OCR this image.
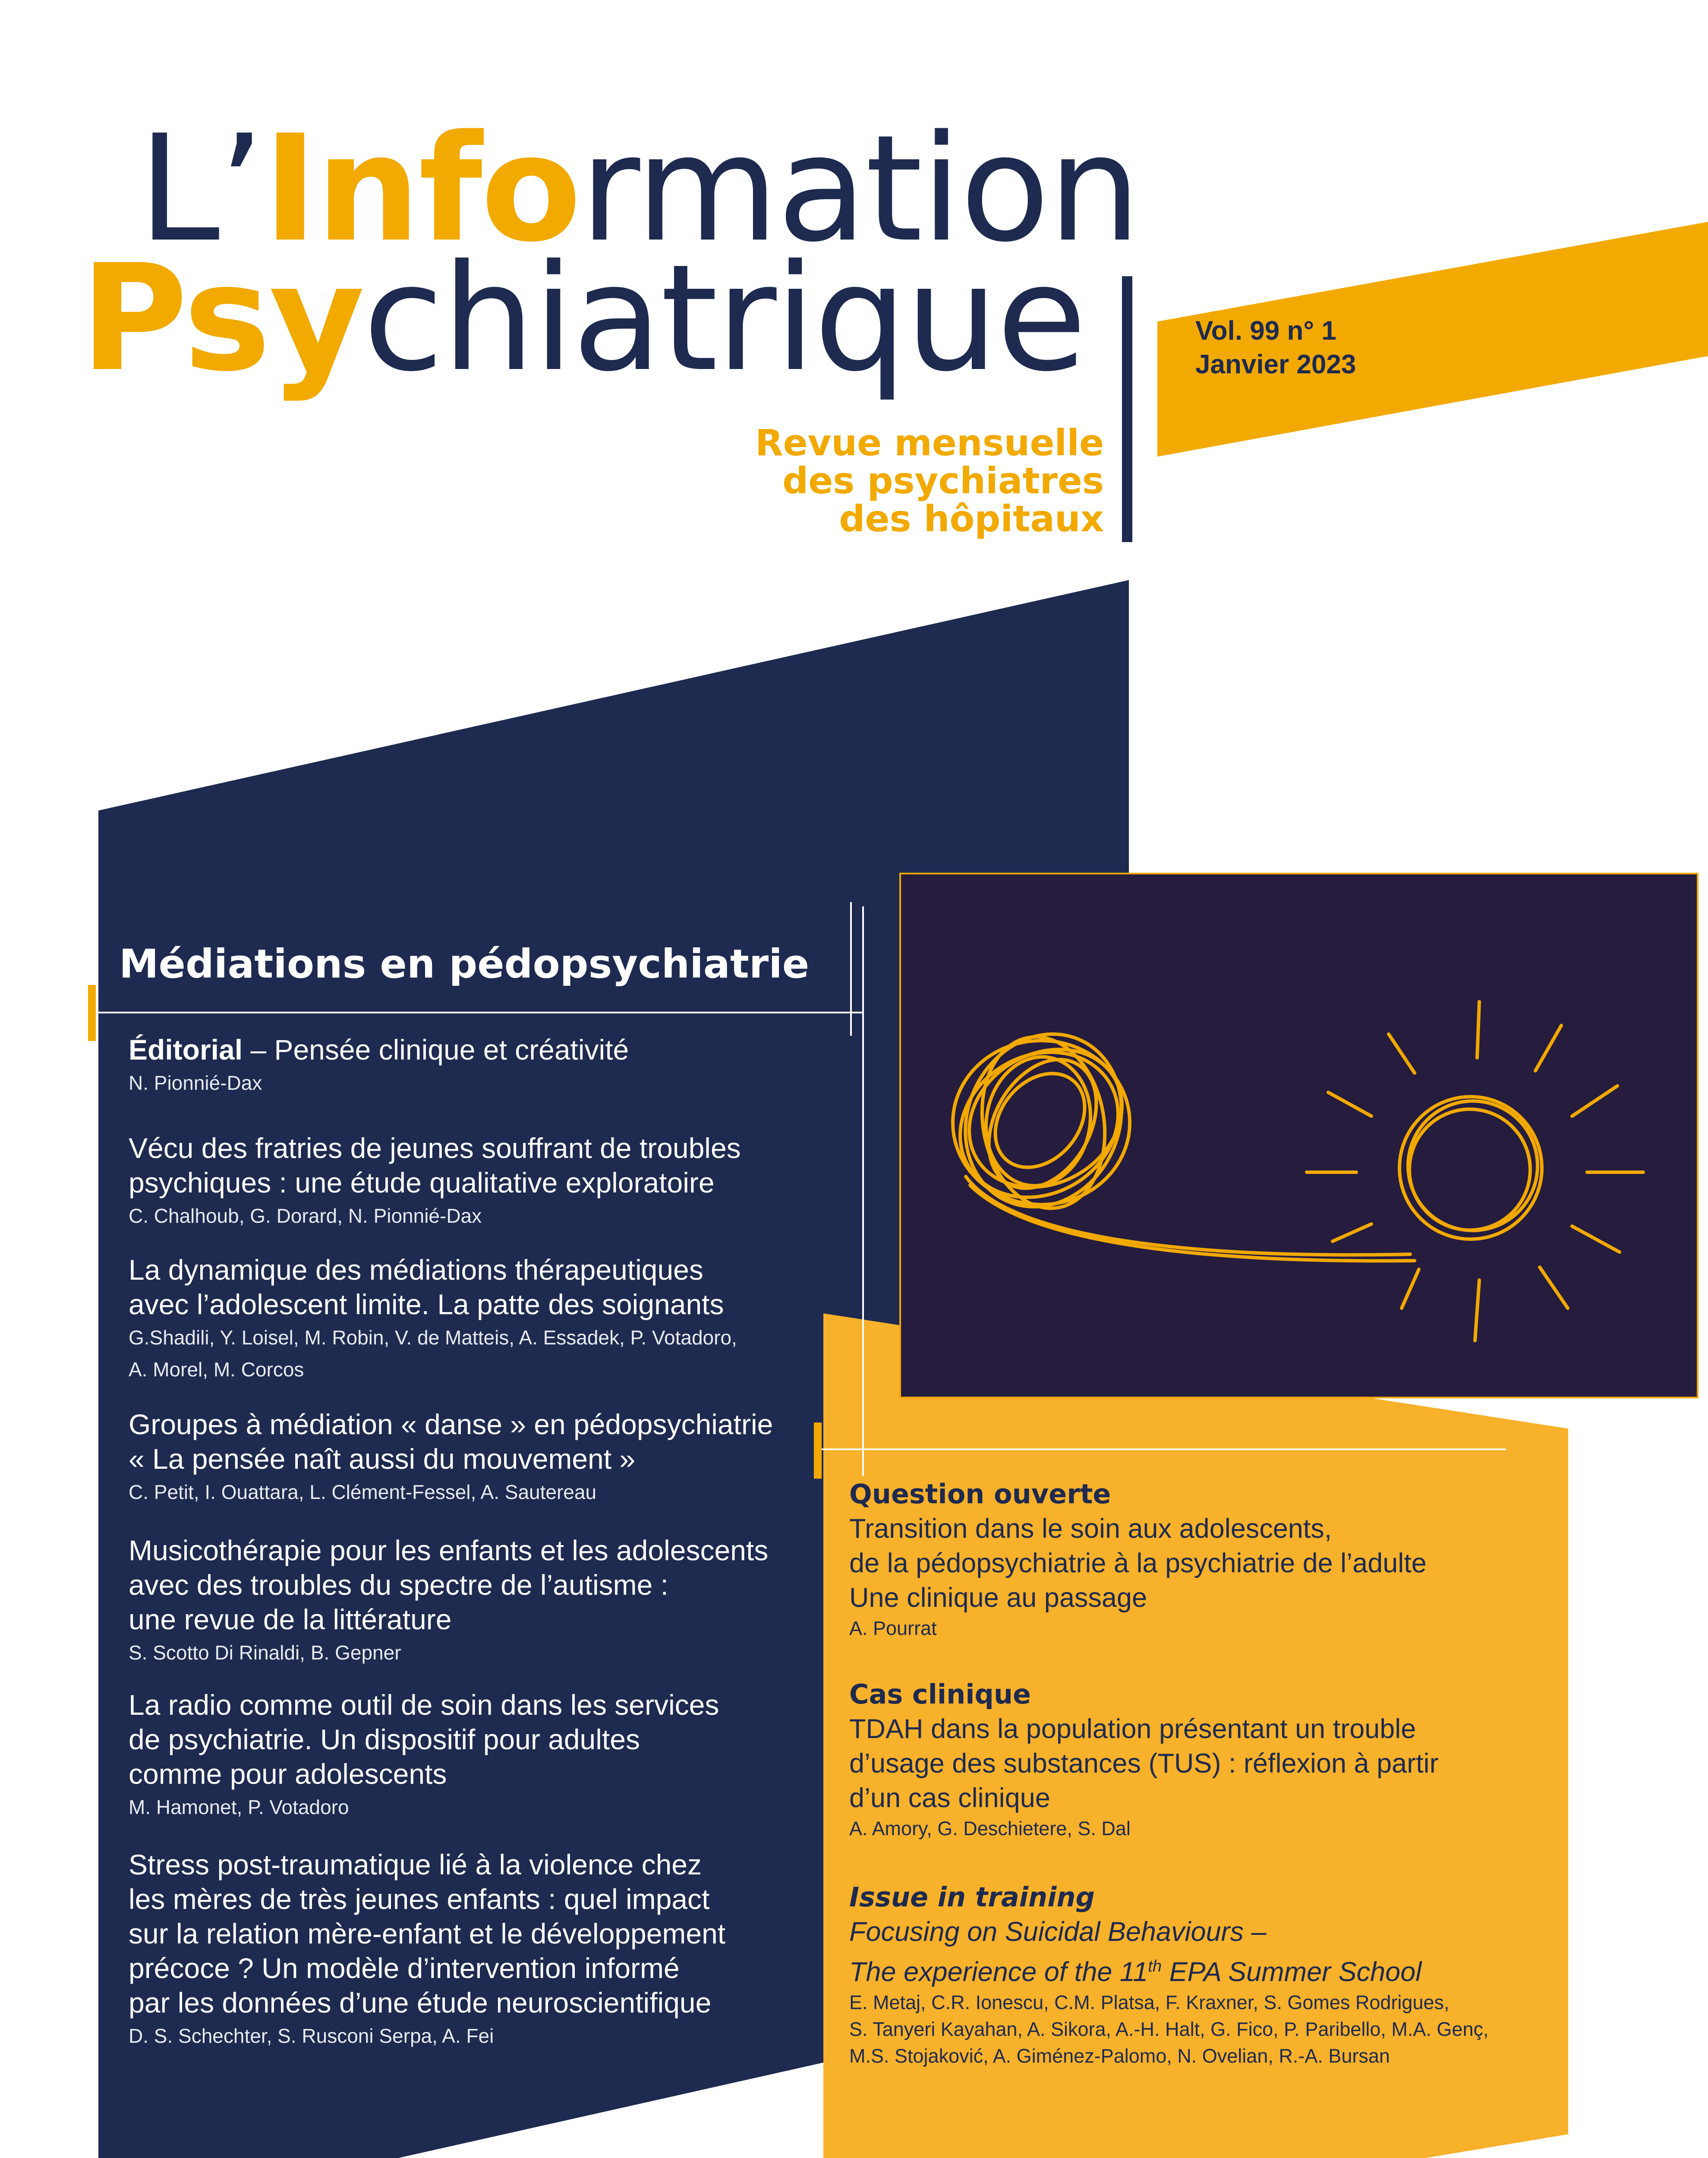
L’Information
Psychiatrique
Revue mensuelle
des psychiatres
des hôpitaux
Vol. 99 n° 1
Janvier 2023
Médiations en pédopsychiatrie
Éditorial – Pensée clinique et créativité
N. Pionnié-Dax
Vécu des fratries de jeunes souffrant de troubles
psychiques : une étude qualitative exploratoire
C. Chalhoub, G. Dorard, N. Pionnié-Dax
La dynamique des médiations thérapeutiques
avec l’adolescent limite. La patte des soignants
G.Shadili, Y. Loisel, M. Robin, V. de Matteis, A. Essadek, P. Votadoro,
A. Morel, M. Corcos
Groupes à médiation « danse » en pédopsychiatrie
« La pensée naît aussi du mouvement »
C. Petit, I. Ouattara, L. Clément-Fessel, A. Sautereau
Musicothérapie pour les enfants et les adolescents
avec des troubles du spectre de l’autisme :
une revue de la littérature
S. Scotto Di Rinaldi, B. Gepner
La radio comme outil de soin dans les services
de psychiatrie. Un dispositif pour adultes
comme pour adolescents
M. Hamonet, P. Votadoro
Stress post-traumatique lié à la violence chez
les mères de très jeunes enfants : quel impact
sur la relation mère-enfant et le développement
précoce ? Un modèle d’intervention informé
par les données d’une étude neuroscientifique
D. S. Schechter, S. Rusconi Serpa, A. Fei
Question ouverte
Transition dans le soin aux adolescents,
de la pédopsychiatrie à la psychiatrie de l’adulte
Une clinique au passage
A. Pourrat
Cas clinique
TDAH dans la population présentant un trouble
d’usage des substances (TUS) : réflexion à partir
d’un cas clinique
A. Amory, G. Deschietere, S. Dal
Issue in training
Focusing on Suicidal Behaviours –
The experience of the 11th EPA Summer School
E. Metaj, C.R. Ionescu, C.M. Platsa, F. Kraxner, S. Gomes Rodrigues,
S. Tanyeri Kayahan, A. Sikora, A.-H. Halt, G. Fico, P. Paribello, M.A. Genç,
M.S. Stojaković, A. Giménez-Palomo, N. Ovelian, R.-A. Bursan
